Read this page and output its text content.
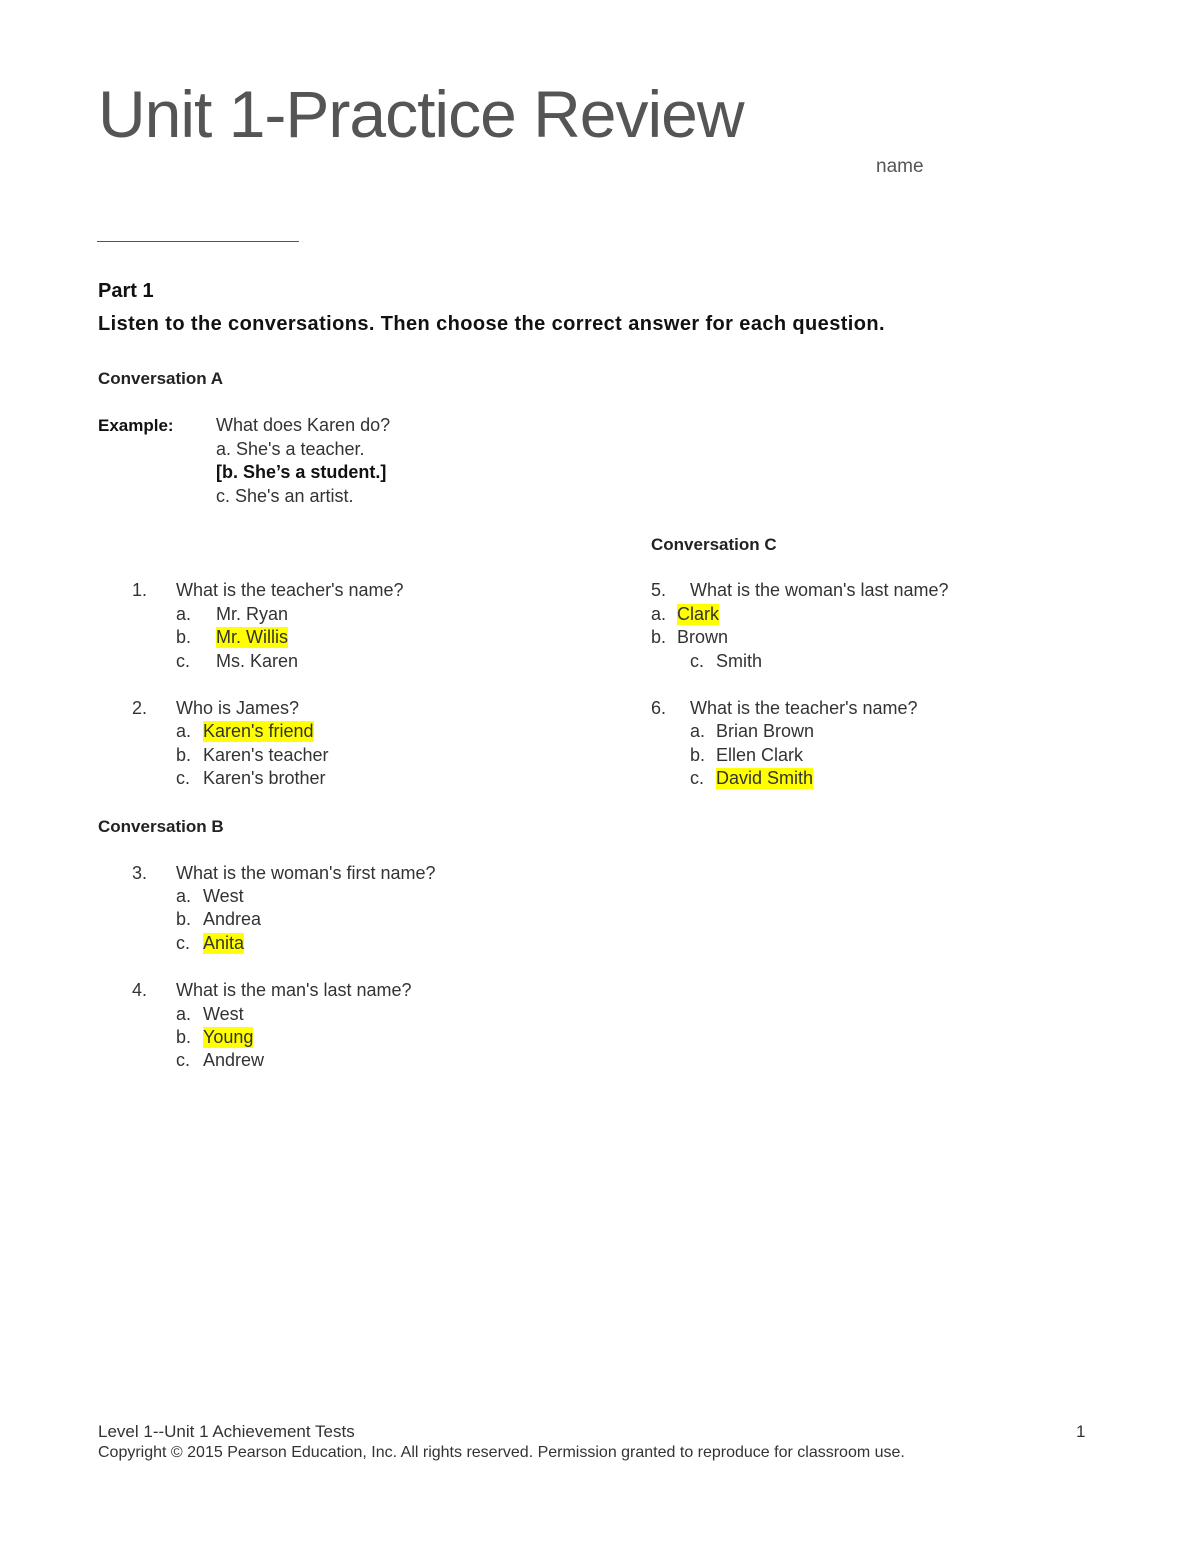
Unit 1-Practice Review
name
Part 1
Listen to the conversations. Then choose the correct answer for each question.
Conversation A
Example: What does Karen do?
a. She's a teacher.
[b. She’s a student.]
c. She's an artist.
1. What is the teacher's name?
a. Mr. Ryan
b. Mr. Willis
c. Ms. Karen
2. Who is James?
a. Karen's friend
b. Karen's teacher
c. Karen's brother
Conversation B
3. What is the woman's first name?
a. West
b. Andrea
c. Anita
4. What is the man's last name?
a. West
b. Young
c. Andrew
Conversation C
5. What is the woman's last name?
a. Clark
b. Brown
c. Smith
6. What is the teacher's name?
a. Brian Brown
b. Ellen Clark
c. David Smith
Level 1--Unit 1 Achievement Tests	1
Copyright © 2015 Pearson Education, Inc. All rights reserved. Permission granted to reproduce for classroom use.
